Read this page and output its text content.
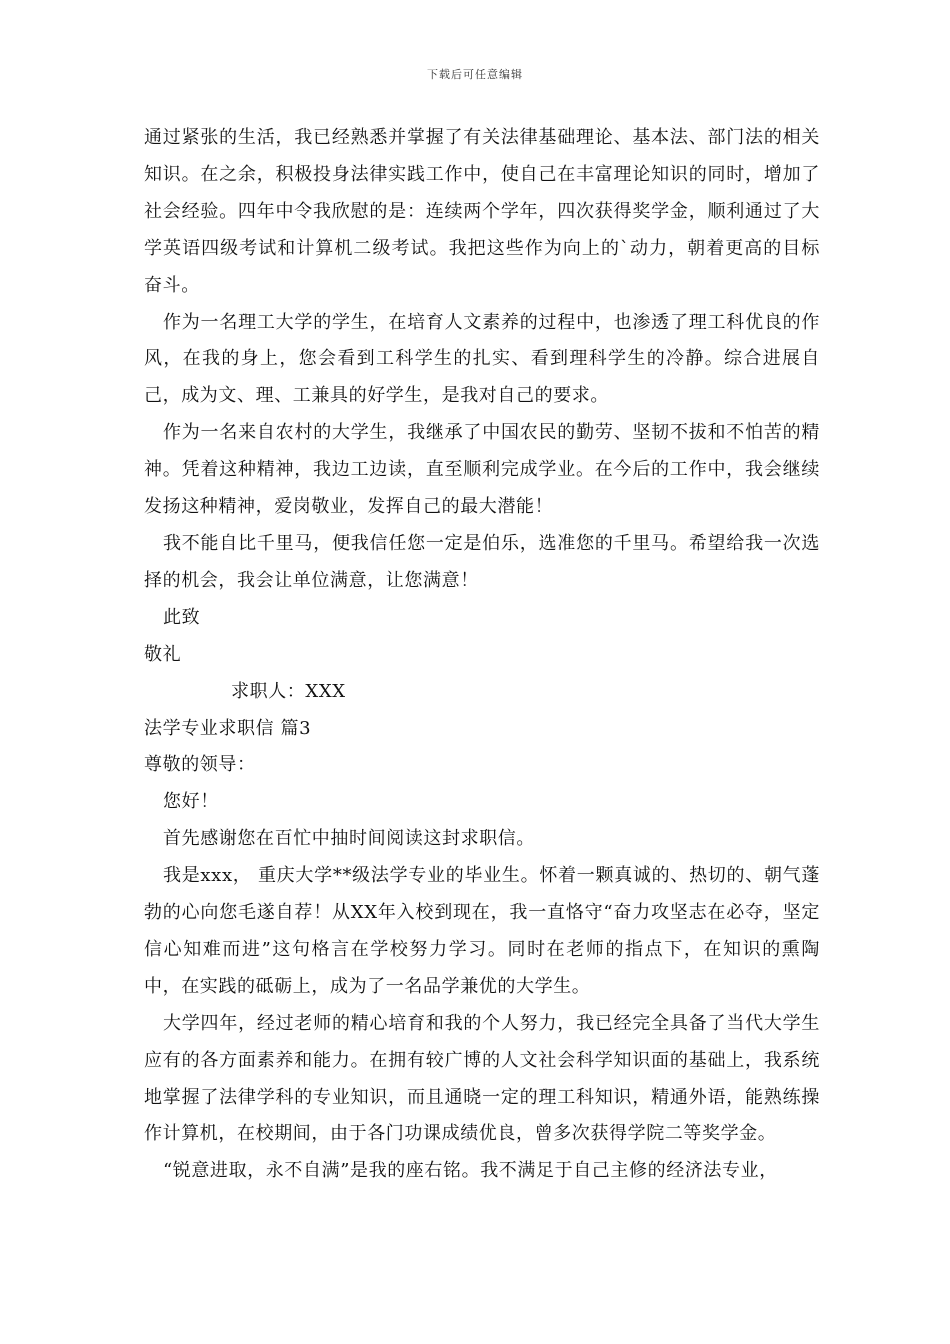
下载后可任意编辑

通过紧张的生活，我已经熟悉并掌握了有关法律基础理论、基本法、部门法的相关知识。在之余，积极投身法律实践工作中，使自己在丰富理论知识的同时，增加了社会经验。四年中令我欣慰的是：连续两个学年，四次获得奖学金，顺利通过了大学英语四级考试和计算机二级考试。我把这些作为向上的`动力，朝着更高的目标奋斗。

作为一名理工大学的学生，在培育人文素养的过程中，也渗透了理工科优良的作风，在我的身上，您会看到工科学生的扎实、看到理科学生的冷静。综合进展自己，成为文、理、工兼具的好学生，是我对自己的要求。

作为一名来自农村的大学生，我继承了中国农民的勤劳、坚韧不拔和不怕苦的精神。凭着这种精神，我边工边读，直至顺利完成学业。在今后的工作中，我会继续发扬这种精神，爱岗敬业，发挥自己的最大潜能！

我不能自比千里马，便我信任您一定是伯乐，选准您的千里马。希望给我一次选择的机会，我会让单位满意，让您满意！

此致

敬礼

求职人：XXX

法学专业求职信 篇3

尊敬的领导：

您好！

首先感谢您在百忙中抽时间阅读这封求职信。

我是xxx， 重庆大学**级法学专业的毕业生。怀着一颗真诚的、热切的、朝气蓬勃的心向您毛遂自荐！从XX年入校到现在，我一直恪守“奋力攻坚志在必夺，坚定信心知难而进”这句格言在学校努力学习。同时在老师的指点下，在知识的熏陶中，在实践的砥砺上，成为了一名品学兼优的大学生。

大学四年，经过老师的精心培育和我的个人努力，我已经完全具备了当代大学生应有的各方面素养和能力。在拥有较广博的人文社会科学知识面的基础上，我系统地掌握了法律学科的专业知识，而且通晓一定的理工科知识，精通外语，能熟练操作计算机，在校期间，由于各门功课成绩优良，曾多次获得学院二等奖学金。

“锐意进取，永不自满”是我的座右铭。我不满足于自己主修的经济法专业，
